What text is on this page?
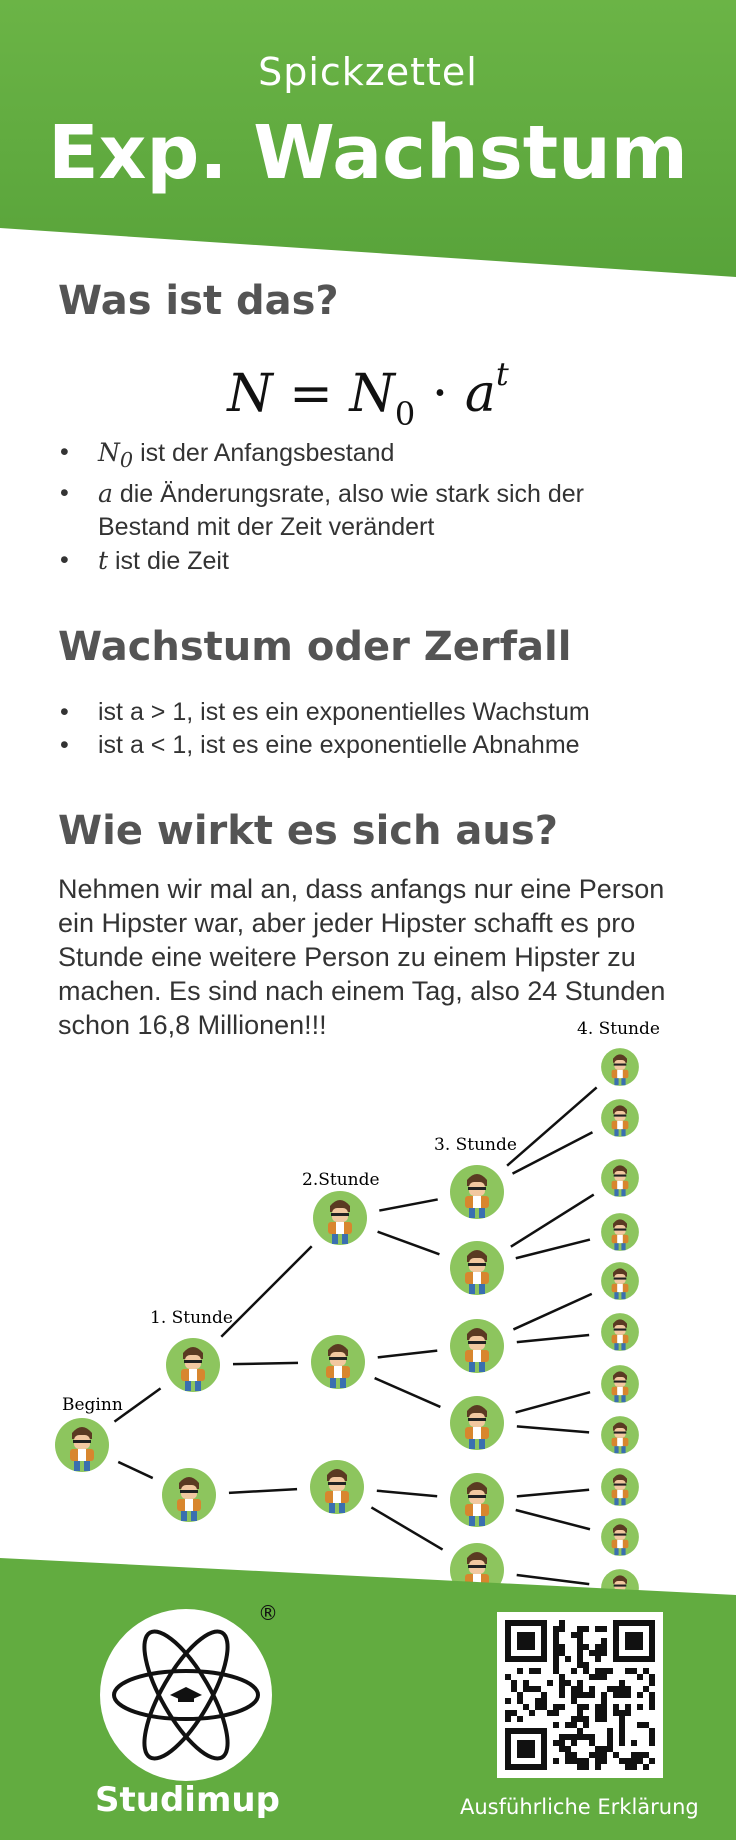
Spickzettel
Exp. Wachstum
Was ist das?
$N = N_0 \cdot a^t$
• $N_0$ ist der Anfangsbestand
• a die Änderungsrate, also wie stark sich der Bestand mit der Zeit verändert
• t ist die Zeit
Wachstum oder Zerfall
• ist a > 1, ist es ein exponentielles Wachstum
• ist a < 1, ist es eine exponentielle Abnahme
Wie wirkt es sich aus?
Nehmen wir mal an, dass anfangs nur eine Person ein Hipster war, aber jeder Hipster schafft es pro Stunde eine weitere Person zu einem Hipster zu machen. Es sind nach einem Tag, also 24 Stunden schon 16,8 Millionen!!!
Beginn
1. Stunde
2.Stunde
3. Stunde
4. Stunde
®
Studimup	Ausführliche Erklärung
